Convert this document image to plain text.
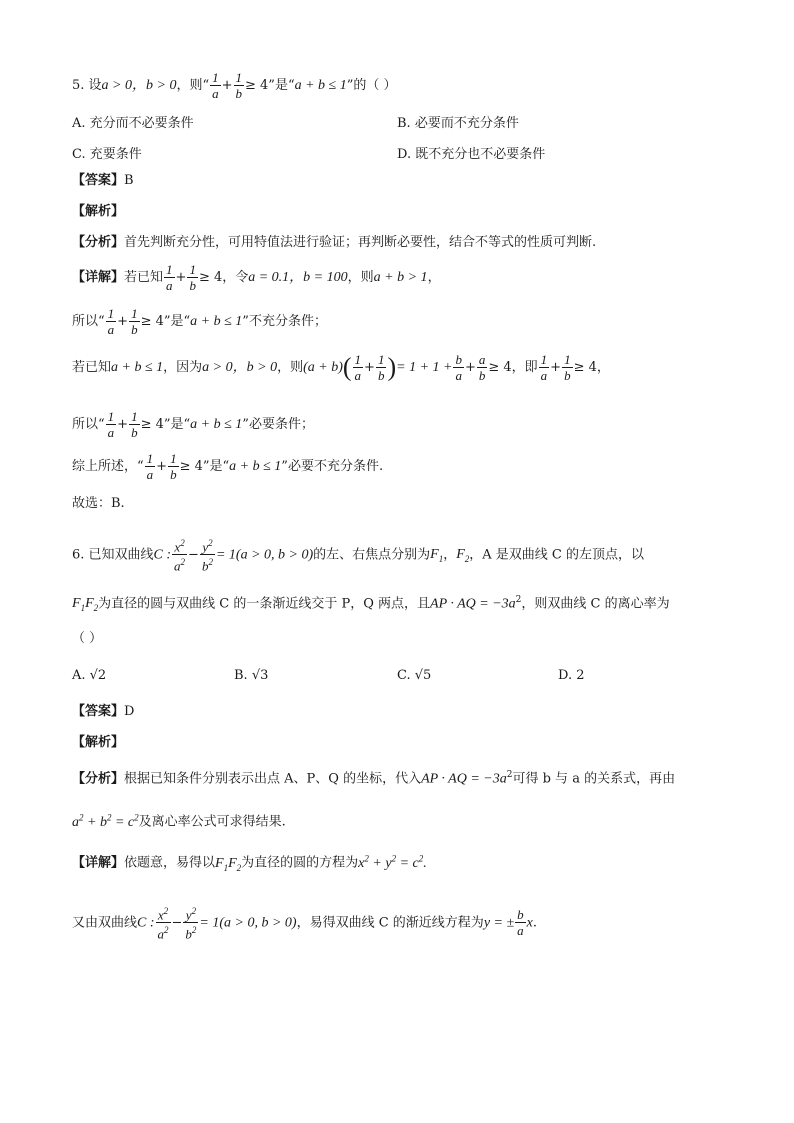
5. 设a > 0，b > 0，则“ $\frac{1}{a} + \frac{1}{b} \ge 4$”是“a + b ≤ 1”的（ ）
A. 充分而不必要条件	B. 必要而不充分条件
C. 充要条件	D. 既不充分也不必要条件
【答案】B
【解析】
【分析】首先判断充分性，可用特值法进行验证；再判断必要性，结合不等式的性质可判断.
【详解】若已知 $\frac{1}{a} + \frac{1}{b} \ge 4$，令a = 0.1，b = 100，则a + b > 1，
所以“ $\frac{1}{a} + \frac{1}{b} \ge 4$”是“a + b ≤ 1”不充分条件；
若已知a + b ≤ 1，因为a > 0，b > 0，则$(a + b)( \frac{1}{a} + \frac{1}{b}$ )= $1 + 1 + \frac{b}{a} + \frac{a}{b} \ge 4$，即 $\frac{1}{a} + \frac{1}{b} \ge 4$，
所以“ $\frac{1}{a} + \frac{1}{b} \ge 4$”是“a + b ≤ 1”必要条件；
综上所述，“ $\frac{1}{a} + \frac{1}{b} \ge 4$”是“a + b ≤ 1”必要不充分条件.
故选：B.
6. 已知双曲线C : $\frac{x^2}{a^2} - \frac{y^2}{b^2} = 1(a > 0$, b > 0)的左、右焦点分别为$F_1$，$F_2$，A 是双曲线 C 的左顶点，以
$F_1F_2$为直径的圆与双曲线 C 的一条渐近线交于 P，Q 两点，且AP · AQ = $-3a^2$，则双曲线 C 的离心率为
（ ）
A. √2	B. √3	C. √5	D. 2
【答案】D
【解析】
【分析】根据已知条件分别表示出点 A、P、Q 的坐标，代入AP · AQ = $-3a^2$可得 b 与 a 的关系式，再由
$a^2 + b^2 = c^2$及离心率公式可求得结果.
【详解】依题意，易得以$F_1F_2$为直径的圆的方程为$x^2 + y^2 = c^2$.
又由双曲线C : $\frac{x^2}{a^2} - \frac{y^2}{b^2} = 1(a > 0$, b > 0)，易得双曲线 C 的渐近线方程为y = ± $\frac{b}{a} x$.
